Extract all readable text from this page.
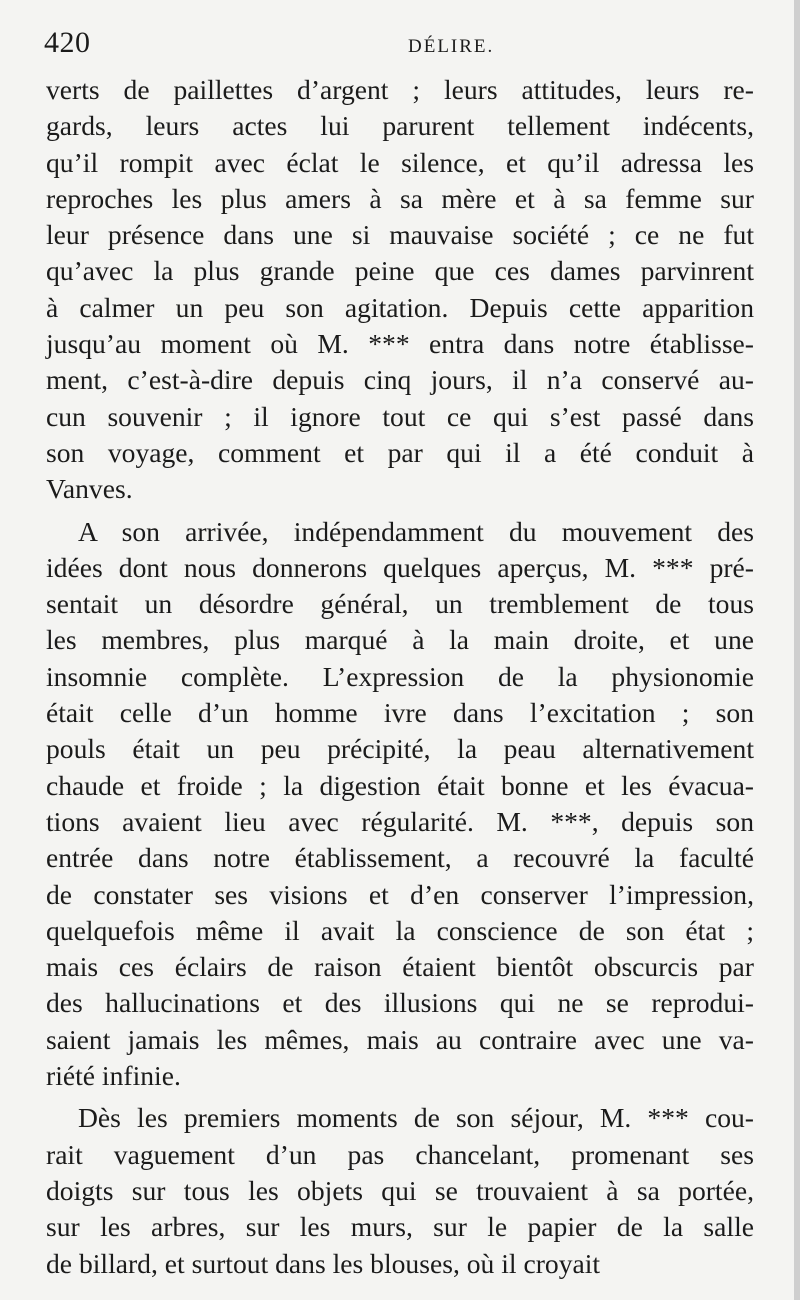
420	DÉLIRE.
verts de paillettes d’argent ; leurs attitudes, leurs re-
gards, leurs actes lui parurent tellement indécents,
qu’il rompit avec éclat le silence, et qu’il adressa les
reproches les plus amers à sa mère et à sa femme sur
leur présence dans une si mauvaise société ; ce ne fut
qu’avec la plus grande peine que ces dames parvinrent
à calmer un peu son agitation. Depuis cette apparition
jusqu’au moment où M. *** entra dans notre établisse-
ment, c’est-à-dire depuis cinq jours, il n’a conservé au-
cun souvenir ; il ignore tout ce qui s’est passé dans
son voyage, comment et par qui il a été conduit à
Vanves.
A son arrivée, indépendamment du mouvement des
idées dont nous donnerons quelques aperçus, M. *** pré-
sentait un désordre général, un tremblement de tous
les membres, plus marqué à la main droite, et une
insomnie complète. L’expression de la physionomie
était celle d’un homme ivre dans l’excitation ; son
pouls était un peu précipité, la peau alternativement
chaude et froide ; la digestion était bonne et les évacua-
tions avaient lieu avec régularité. M. ***, depuis son
entrée dans notre établissement, a recouvré la faculté
de constater ses visions et d’en conserver l’impression,
quelquefois même il avait la conscience de son état ;
mais ces éclairs de raison étaient bientôt obscurcis par
des hallucinations et des illusions qui ne se reprodui-
saient jamais les mêmes, mais au contraire avec une va-
riété infinie.
Dès les premiers moments de son séjour, M. *** cou-
rait vaguement d’un pas chancelant, promenant ses
doigts sur tous les objets qui se trouvaient à sa portée,
sur les arbres, sur les murs, sur le papier de la salle
de billard, et surtout dans les blouses, où il croyait
